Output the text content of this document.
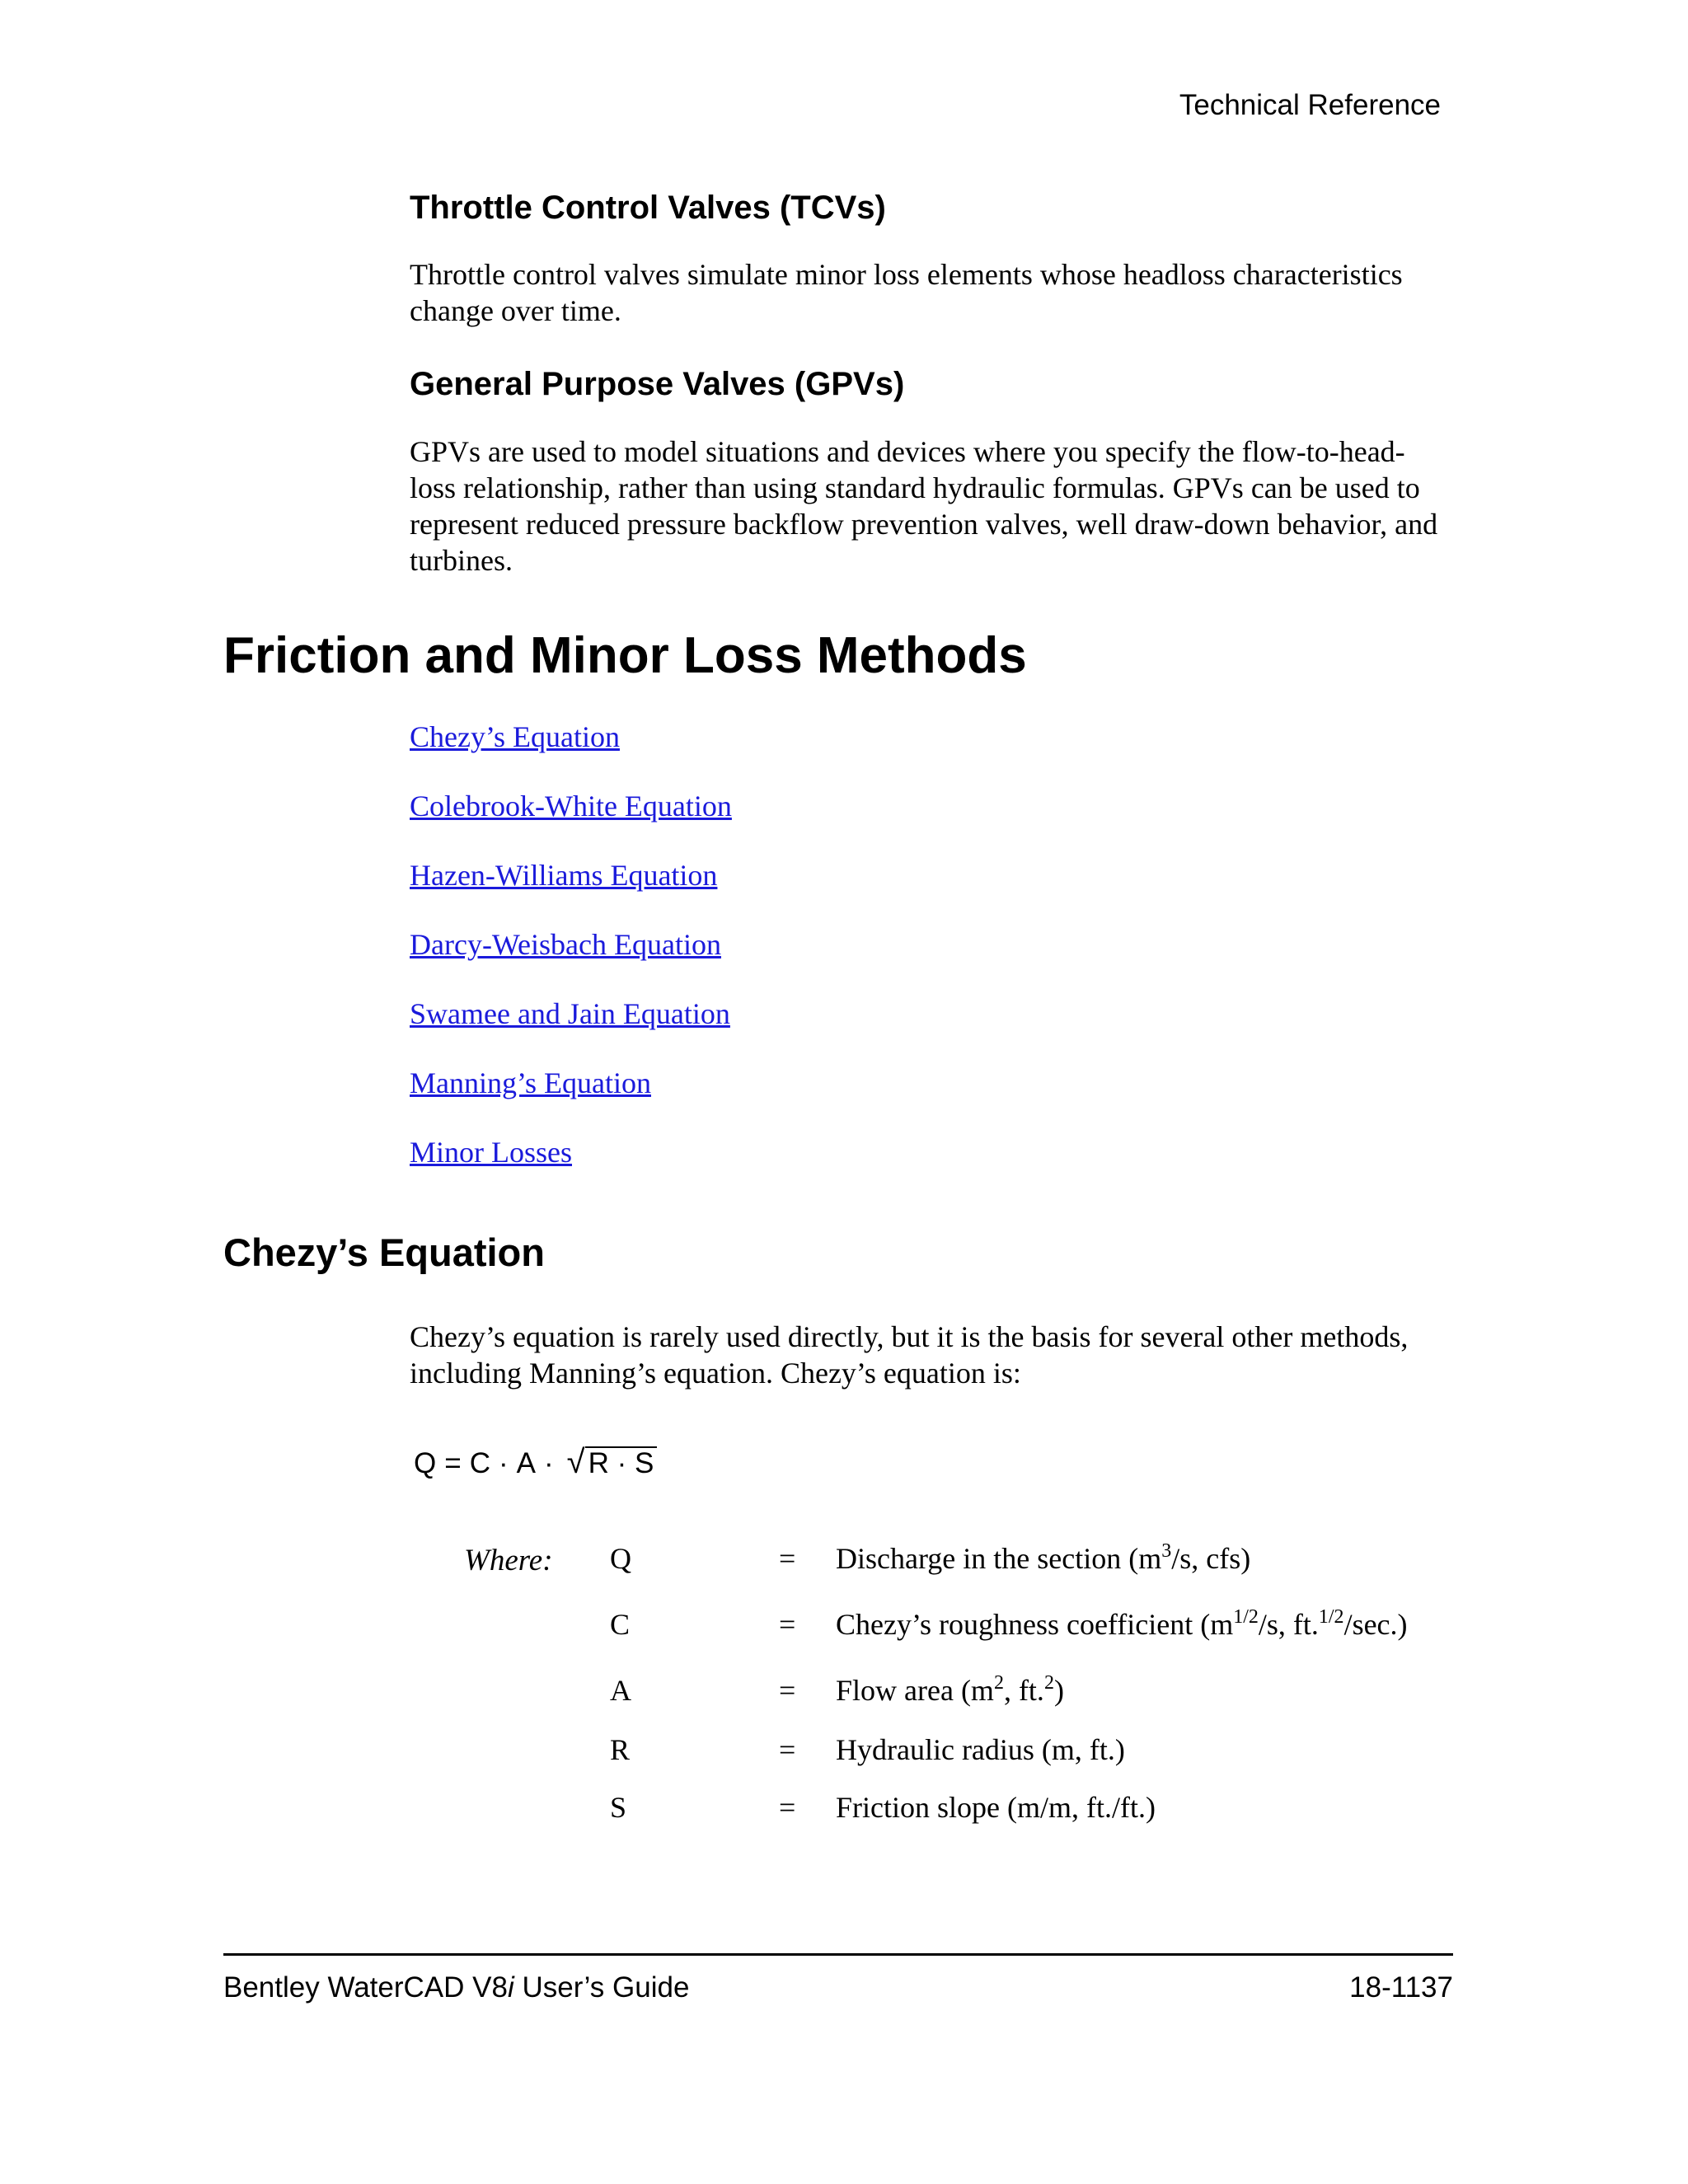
Technical Reference
Throttle Control Valves (TCVs)

Throttle control valves simulate minor loss elements whose headloss characteristics change over time.

General Purpose Valves (GPVs)

GPVs are used to model situations and devices where you specify the flow-to-head-loss relationship, rather than using standard hydraulic formulas. GPVs can be used to represent reduced pressure backflow prevention valves, well draw-down behavior, and turbines.

Friction and Minor Loss Methods
Chezy’s Equation
Colebrook-White Equation
Hazen-Williams Equation
Darcy-Weisbach Equation
Swamee and Jain Equation
Manning’s Equation
Minor Losses
Chezy’s Equation

Chezy’s equation is rarely used directly, but it is the basis for several other methods, including Manning’s equation. Chezy’s equation is:

Q = C · A · √ R · S
Where: Q	= Discharge in the section ($m^3/s$, cfs)
C	= Chezy’s roughness coefficient ($m^{1/2}/s$, ft.$^{1/2}$/sec.)
A	= Flow area ($m^2$, ft.$^2$)
R	= Hydraulic radius (m, ft.)
S	= Friction slope (m/m, ft./ft.)
Bentley WaterCAD V8i User’s Guide	18-1137
